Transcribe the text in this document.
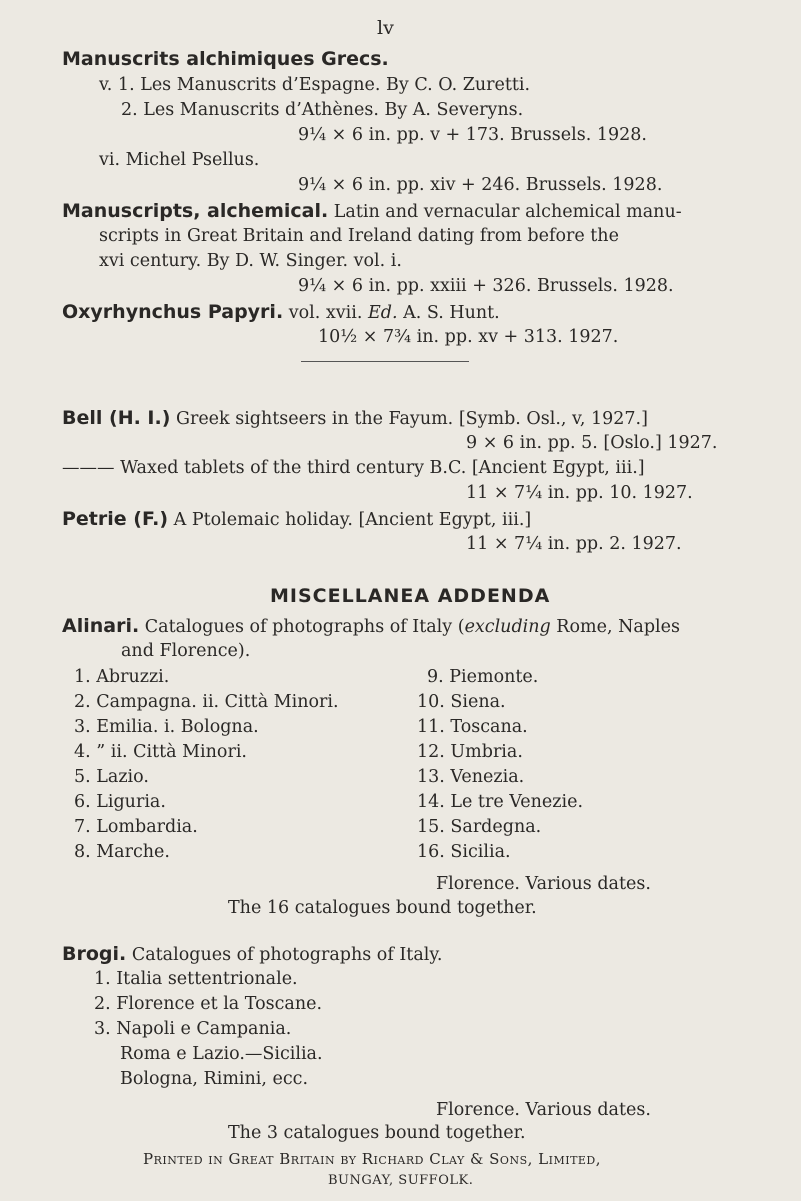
lv
Manuscrits alchimiques Grecs.
v. 1. Les Manuscrits d’Espagne. By C. O. Zuretti.
2. Les Manuscrits d’Athènes. By A. Severyns.
9¼ × 6 in. pp. v + 173. Brussels. 1928.
vi. Michel Psellus.
9¼ × 6 in. pp. xiv + 246. Brussels. 1928.
Manuscripts, alchemical. Latin and vernacular alchemical manu-
scripts in Great Britain and Ireland dating from before the
xvi century. By D. W. Singer. vol. i.
9¼ × 6 in. pp. xxiii + 326. Brussels. 1928.
Oxyrhynchus Papyri. vol. xvii. Ed. A. S. Hunt.
10½ × 7¾ in. pp. xv + 313. 1927.
Bell (H. I.) Greek sightseers in the Fayum. [Symb. Osl., v, 1927.]
9 × 6 in. pp. 5. [Oslo.] 1927.
——— Waxed tablets of the third century B.C. [Ancient Egypt, iii.]
11 × 7¼ in. pp. 10. 1927.
Petrie (F.) A Ptolemaic holiday. [Ancient Egypt, iii.]
11 × 7¼ in. pp. 2. 1927.
MISCELLANEA ADDENDA
Alinari. Catalogues of photographs of Italy (excluding Rome, Naples
and Florence).
1. Abruzzi.
2. Campagna. ii. Città Minori.
3. Emilia. i. Bologna.
4. ” ii. Città Minori.
5. Lazio.
6. Liguria.
7. Lombardia.
8. Marche.
9. Piemonte.
10. Siena.
11. Toscana.
12. Umbria.
13. Venezia.
14. Le tre Venezie.
15. Sardegna.
16. Sicilia.
Florence. Various dates.
The 16 catalogues bound together.
Brogi. Catalogues of photographs of Italy.
1. Italia settentrionale.
2. Florence et la Toscane.
3. Napoli e Campania.
Roma e Lazio.—Sicilia.
Bologna, Rimini, ecc.
Florence. Various dates.
The 3 catalogues bound together.
Printed in Great Britain by Richard Clay & Sons, Limited,
BUNGAY, SUFFOLK.
